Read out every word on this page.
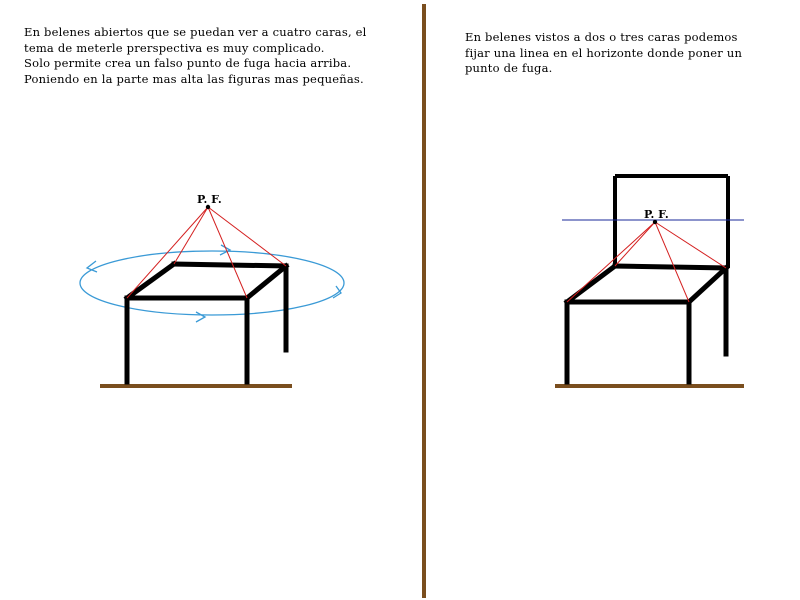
En belenes abiertos que se puedan ver a cuatro caras, el
tema de meterle prerspectiva es muy complicado.
Solo permite crea un falso punto de fuga hacia arriba.
Poniendo en la parte mas alta las figuras mas pequeñas.
En belenes vistos a dos o tres caras podemos
fijar una linea en el horizonte donde poner un
punto de fuga.
P. F.
P. F.
